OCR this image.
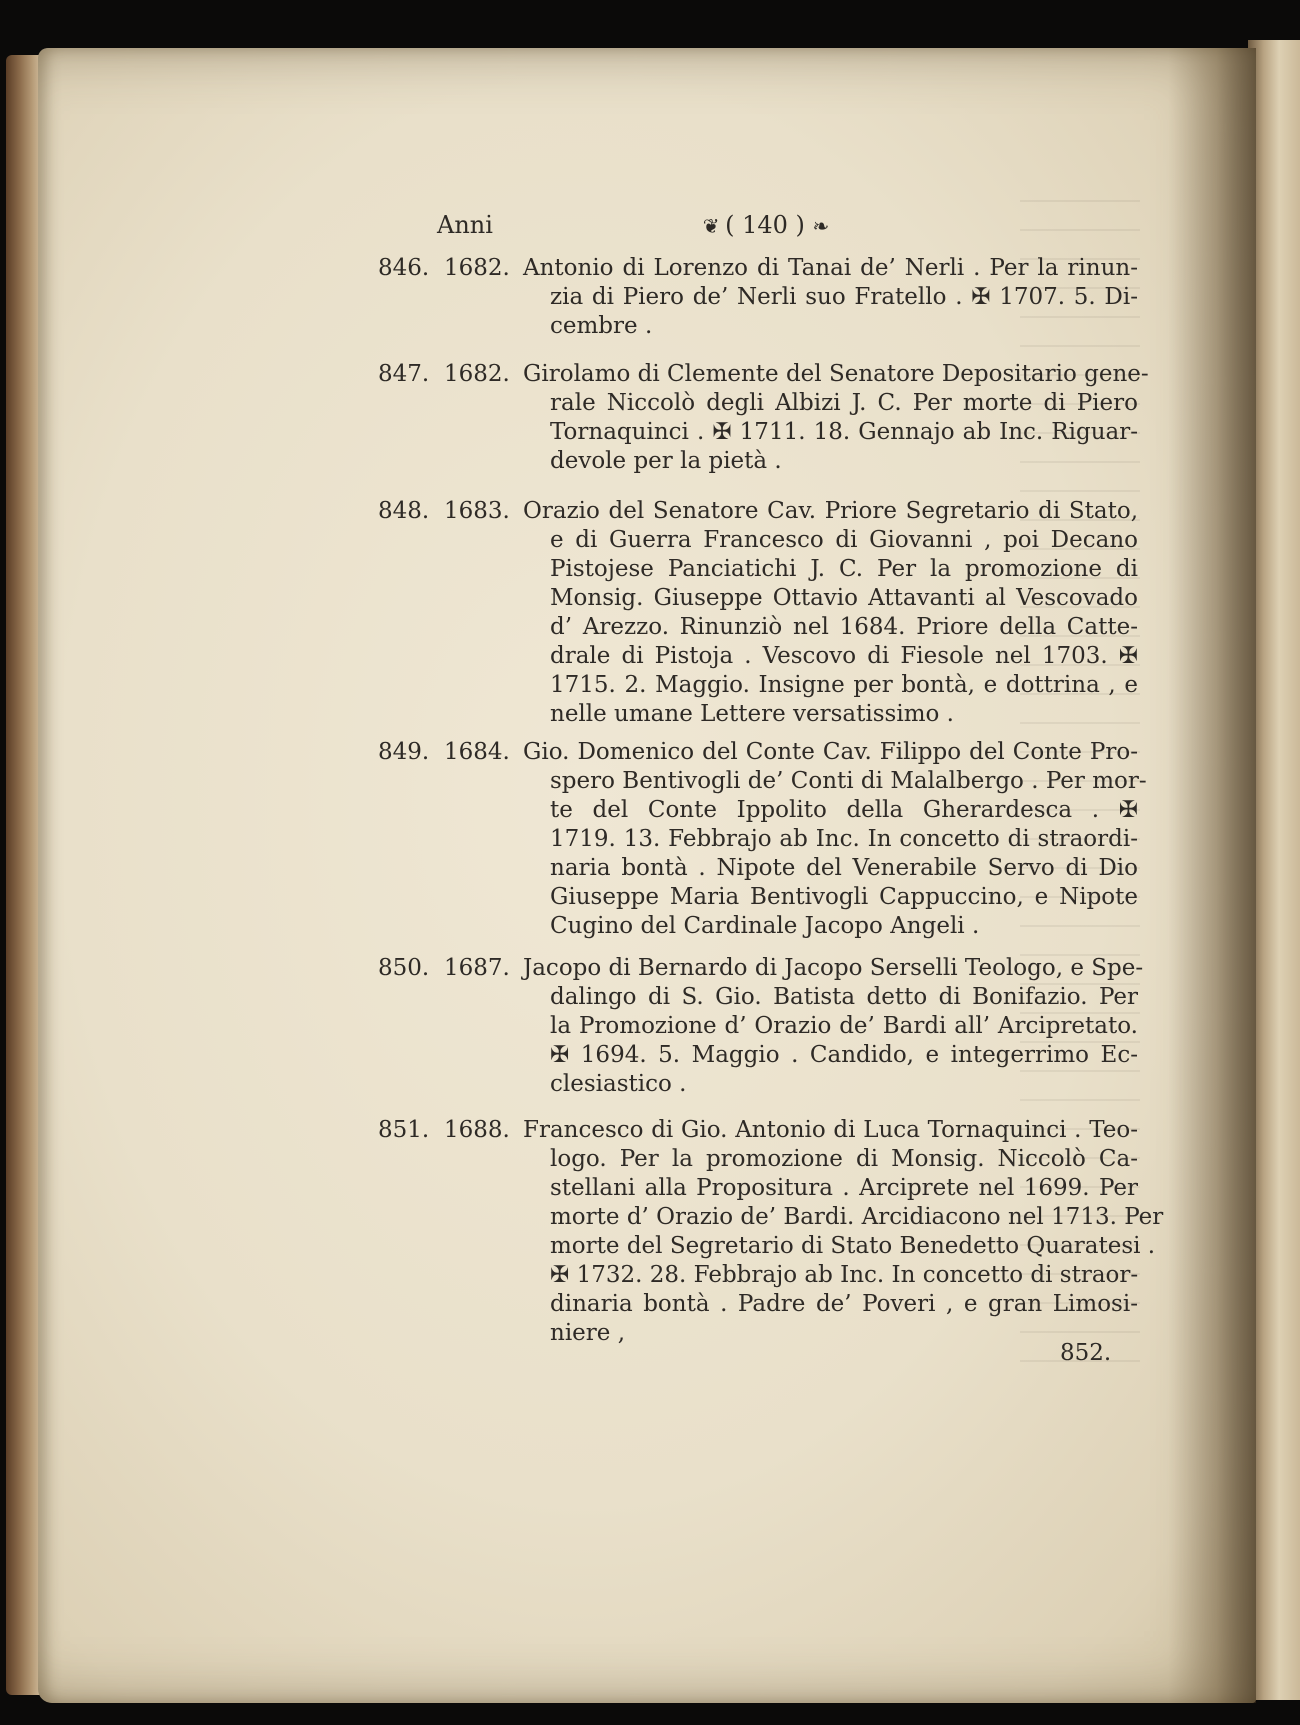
Anni	❦ ( 140 ) ❧
846. 1682. Antonio di Lorenzo di Tanai de’ Nerli . Per la rinun-
zia di Piero de’ Nerli suo Fratello . ✠ 1707. 5. Di-
cembre .
847. 1682. Girolamo di Clemente del Senatore Depositario gene-
rale Niccolò degli Albizi J. C. Per morte di Piero
Tornaquinci . ✠ 1711. 18. Gennajo ab Inc. Riguar-
devole per la pietà .
848. 1683. Orazio del Senatore Cav. Priore Segretario di Stato,
e di Guerra Francesco di Giovanni , poi Decano
Pistojese Panciatichi J. C. Per la promozione di
Monsig. Giuseppe Ottavio Attavanti al Vescovado
d’ Arezzo. Rinunziò nel 1684. Priore della Catte-
drale di Pistoja . Vescovo di Fiesole nel 1703. ✠
1715. 2. Maggio. Insigne per bontà, e dottrina , e
nelle umane Lettere versatissimo .
849. 1684. Gio. Domenico del Conte Cav. Filippo del Conte Pro-
spero Bentivogli de’ Conti di Malalbergo . Per mor-
te del Conte Ippolito della Gherardesca . ✠
1719. 13. Febbrajo ab Inc. In concetto di straordi-
naria bontà . Nipote del Venerabile Servo di Dio
Giuseppe Maria Bentivogli Cappuccino, e Nipote
Cugino del Cardinale Jacopo Angeli .
850. 1687. Jacopo di Bernardo di Jacopo Serselli Teologo, e Spe-
dalingo di S. Gio. Batista detto di Bonifazio. Per
la Promozione d’ Orazio de’ Bardi all’ Arcipretato.
✠ 1694. 5. Maggio . Candido, e integerrimo Ec-
clesiastico .
851. 1688. Francesco di Gio. Antonio di Luca Tornaquinci . Teo-
logo. Per la promozione di Monsig. Niccolò Ca-
stellani alla Propositura . Arciprete nel 1699. Per
morte d’ Orazio de’ Bardi. Arcidiacono nel 1713. Per
morte del Segretario di Stato Benedetto Quaratesi .
✠ 1732. 28. Febbrajo ab Inc. In concetto di straor-
dinaria bontà . Padre de’ Poveri , e gran Limosi-
niere ,
852.
